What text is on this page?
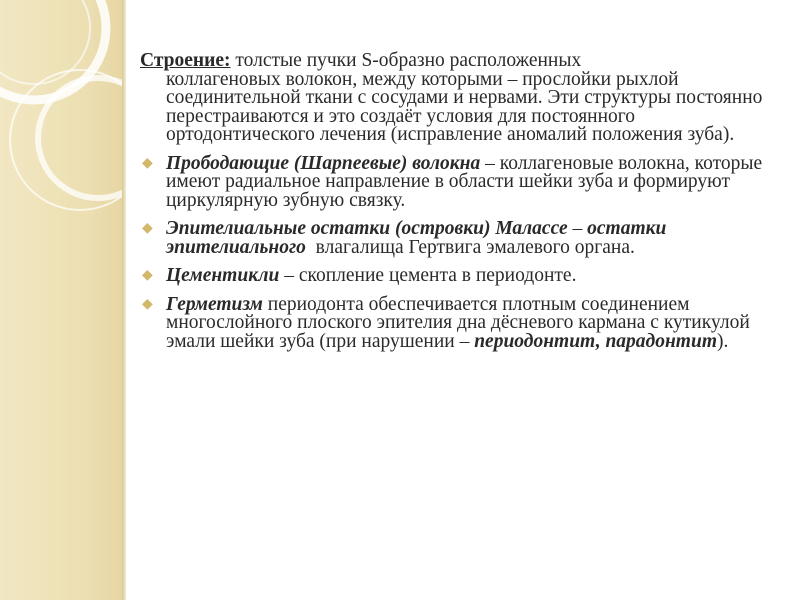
Строение: толстые пучки S-образно расположенных

коллагеновых волокон, между которыми – прослойки рыхлой соединительной ткани с сосудами и нервами. Эти структуры постоянно перестраиваются и это создаёт условия для постоянного ортодонтического лечения (исправление аномалий положения зуба).

◆ Прободающие (Шарпеевые) волокна – коллагеновые волокна, которые имеют радиальное направление в области шейки зуба и формируют циркулярную зубную связку.
◆ Эпителиальные остатки (островки) Малассе – остатки эпителиального  влагалища Гертвига эмалевого органа.
◆ Цементикли – скопление цемента в периодонте.
◆ Герметизм периодонта обеспечивается плотным соединением многослойного плоского эпителия дна дёсневого кармана с кутикулой эмали шейки зуба (при нарушении – периодонтит, парадонтит).
